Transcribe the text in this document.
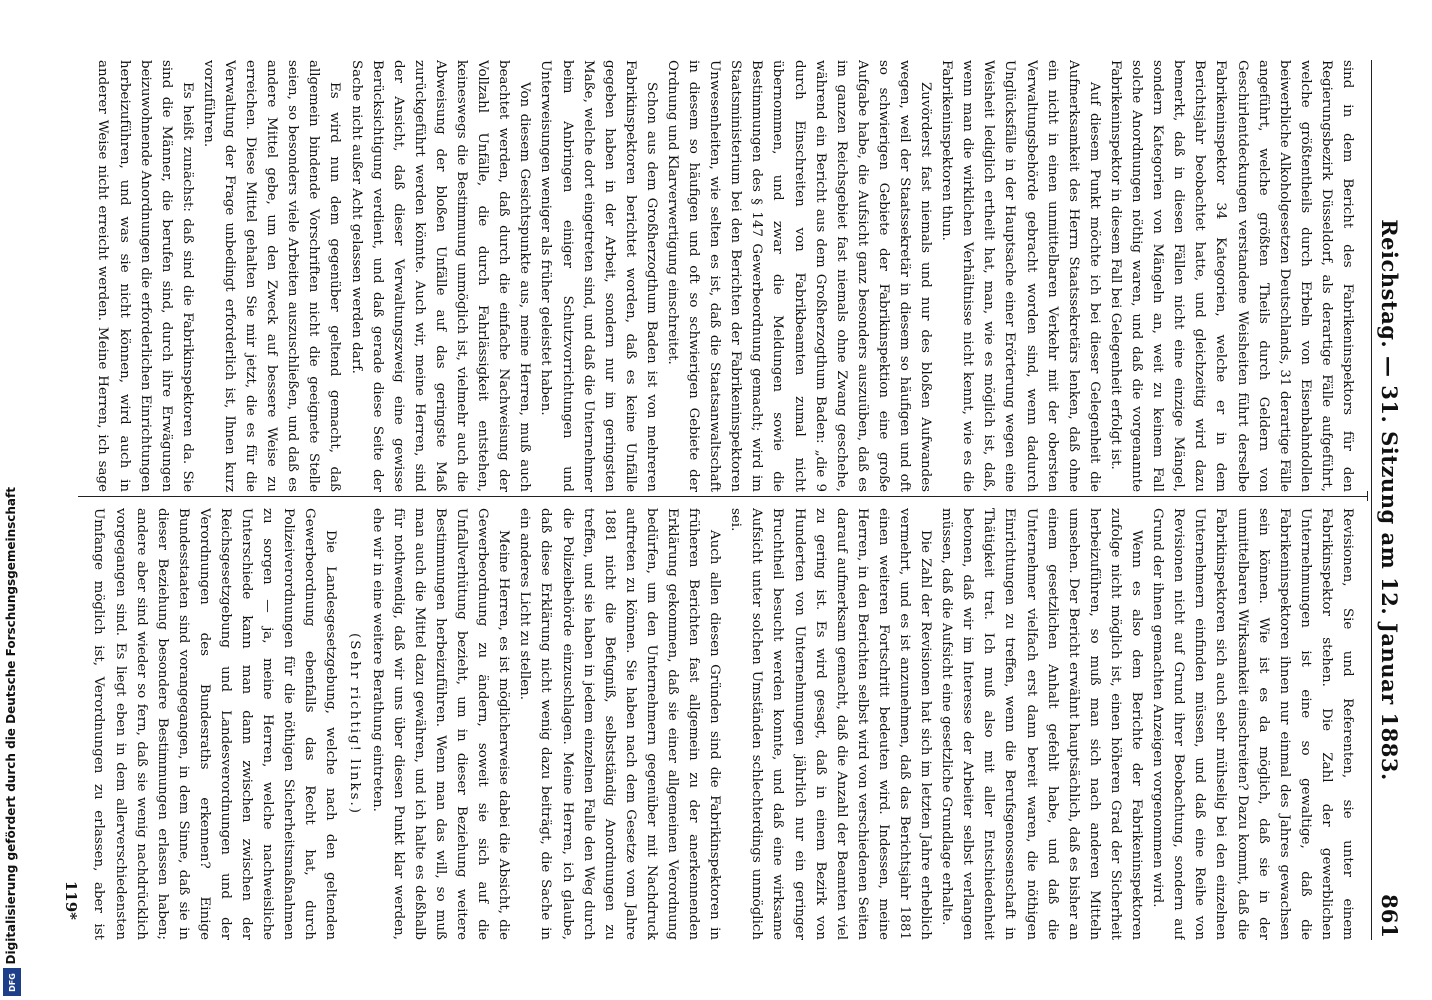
Reichstag. — 31. Sitzung am 12. Januar 1883.
861

sind in dem Bericht des Fabrikeninspektors für den Regierungsbezirk Düsseldorf, als derartige Fälle aufgeführt, welche größtentheils durch Erbeln von Eisenbahndollen beiwerbliche Alkoholgesetzen Deutschlands, 31 derartige Fälle angeführt, welche größten Theils durch Geldern von Geschirlentdeckungen verstandene Weisheiten führt derselbe Fabrikeninspektor 34 Kategorien, welche er in dem Berichtsjahr beobachtet hatte, und gleichzeitig wird dazu bemerkt, daß in diesen Fällen nicht eine einzige Mängel, sondern Kategorien von Mängeln an, weit zu keinem Fall solche Anordnungen nöthig waren, und daß die vorgenannte Fabrikeninspektor in diesem Fall bei Gelegenheit erfolgt ist.

Auf diesem Punkt möchte ich bei dieser Gelegenheit die Aufmerksamkeit des Herrn Staatssekretärs lenken, daß ohne ein nicht in einen unmittelbaren Verkehr mit der obersten Verwaltungsbehörde gebracht worden sind, wenn dadurch Unglücksfälle in der Hauptsache einer Erörterung wegen eine Weisheit lediglich ertheilt hat, man, wie es möglich ist, daß, wenn man die wirklichen Verhältnisse nicht kennt, wie es die Fabrikeninspektoren thun.

Zuvörderst fast niemals und nur des bloßen Aufwandes wegen, weil der Staatssekretär in diesem so häufigen und oft so schwierigen Gebiete der Fabrikinspektion eine große Aufgabe habe, die Aufsicht ganz besonders auszuüben, daß es im ganzen Reichsgebiet fast niemals ohne Zwang geschehe, während ein Bericht aus dem Großherzogthum Baden: „die 9 durch Einschreiten von Fabrikbeamten zumal nicht übernommen, und zwar die Meldungen sowie die Bestimmungen des § 147 Gewerbeordnung gemacht; wird im Staatsministerium bei den Berichten der Fabrikeninspektoren Unwesenheiten, wie selten es ist, daß die Staatsanwaltschaft in diesem so häufigen und oft so schwierigen Gebiete der Ordnung und Klarverwertigung einschreitet.

Schon aus dem Großherzogthum Baden ist von mehreren Fabrikinspektoren berichtet worden, daß es keine Unfälle gegeben haben in der Arbeit, sondern nur im geringsten Maße, welche dort eingetreten sind, und daß die Unternehmer beim Anbringen einiger Schutzvorrichtungen und Unterweisungen weniger als früher geleistet haben.

Von diesem Gesichtspunkte aus, meine Herren, muß auch beachtet werden, daß durch die einfache Nachweisung der Vollzahl Unfälle, die durch Fahrlässigkeit entstehen, keineswegs die Bestimmung unmöglich ist, vielmehr auch die Abweisung der bloßen Unfälle auf das geringste Maß zurückgeführt werden könnte. Auch wir, meine Herren, sind der Ansicht, daß dieser Verwaltungszweig eine gewisse Berücksichtigung verdient, und daß gerade diese Seite der Sache nicht außer Acht gelassen werden darf.

Es wird nun dem gegenüber geltend gemacht, daß allgemein bindende Vorschriften nicht die geeignete Stelle seien, so besonders viele Arbeiten auszuschließen, und daß es andere Mittel gebe, um den Zweck auf bessere Weise zu erreichen. Diese Mittel gehalten Sie mir jetzt, die es für die Verwaltung der Frage unbedingt erforderlich ist, Ihnen kurz vorzuführen.

Es heißt zunächst: daß sind die Fabrikinspektoren da. Sie sind die Männer, die berufen sind, durch ihre Erwägungen beizuwohnende Anordnungen die erforderlichen Einrichtungen herbeizuführen, und was sie nicht können, wird auch in anderer Weise nicht erreicht werden. Meine Herren, ich sage

Revisionen, Sie und Referenten, sie unter einem Fabrikinspektor stehen. Die Zahl der gewerblichen Unternehmungen ist eine so gewaltige, daß die Fabrikeninspektoren ihnen nur einmal des Jahres gewachsen sein können. Wie ist es da möglich, daß sie in der unmittelbaren Wirksamkeit einschreiten? Dazu kommt, daß die Fabrikinspektoren sich auch sehr mühselig bei den einzelnen Unternehmern einfinden müssen, und daß eine Reihe von Revisionen nicht auf Grund ihrer Beobachtung, sondern auf Grund der ihnen gemachten Anzeigen vorgenommen wird.

Wenn es also dem Berichte der Fabrikeninspektoren zufolge nicht möglich ist, einen höheren Grad der Sicherheit herbeizuführen, so muß man sich nach anderen Mitteln umsehen. Der Bericht erwähnt hauptsächlich, daß es bisher an einem gesetzlichen Anhalt gefehlt habe, und daß die Unternehmer vielfach erst dann bereit waren, die nöthigen Einrichtungen zu treffen, wenn die Berufsgenossenschaft in Thätigkeit trat. Ich muß also mit aller Entschiedenheit betonen, daß wir im Interesse der Arbeiter selbst verlangen müssen, daß die Aufsicht eine gesetzliche Grundlage erhalte.

Die Zahl der Revisionen hat sich im letzten Jahre erheblich vermehrt, und es ist anzunehmen, daß das Berichtsjahr 1881 einen weiteren Fortschritt bedeuten wird. Indessen, meine Herren, in den Berichten selbst wird von verschiedenen Seiten darauf aufmerksam gemacht, daß die Anzahl der Beamten viel zu gering ist. Es wird gesagt, daß in einem Bezirk von Hunderten von Unternehmungen jährlich nur ein geringer Bruchtheil besucht werden konnte, und daß eine wirksame Aufsicht unter solchen Umständen schlechterdings unmöglich sei.

Auch allen diesen Gründen sind die Fabrikinspektoren in früheren Berichten fast allgemein zu der anerkennenden Erklärung gekommen, daß sie einer allgemeinen Verordnung bedürfen, um den Unternehmern gegenüber mit Nachdruck auftreten zu können. Sie haben nach dem Gesetze vom Jahre 1881 nicht die Befugniß, selbstständig Anordnungen zu treffen, und sie haben in jedem einzelnen Falle den Weg durch die Polizeibehörde einzuschlagen. Meine Herren, ich glaube, daß diese Erklärung nicht wenig dazu beiträgt, die Sache in ein anderes Licht zu stellen.

Meine Herren, es ist möglicherweise dabei die Absicht, die Gewerbeordnung zu ändern, soweit sie sich auf die Unfallverhütung bezieht, um in dieser Beziehung weitere Bestimmungen herbeizuführen. Wenn man das will, so muß man auch die Mittel dazu gewähren, und ich halte es deßhalb für nothwendig, daß wir uns über diesen Punkt klar werden, ehe wir in eine weitere Berathung eintreten.

(Sehr richtig! links.)

Die Landesgesetzgebung, welche nach den geltenden Gewerbeordnung ebenfalls das Recht hat, durch Polizeiverordnungen für die nöthigen Sicherheitsmaßnahmen zu sorgen — ja, meine Herren, welche nachweisliche Unterschiede kann man dann zwischen zwischen der Reichsgesetzgebung und Landesverordnungen und der Verordnungen des Bundesraths erkennen? Einige Bundesstaaten sind vorangegangen, in dem Sinne, daß sie in dieser Beziehung besondere Bestimmungen erlassen haben; andere aber sind wieder so fern, daß sie wenig nachdrücklich vorgegangen sind. Es liegt eben in dem allerverschiedensten Umfange möglich ist, Verordnungen zu erlassen, aber ist

119*
Digitalisierung gefördert durch die Deutsche Forschungsgemeinschaft
DFG
